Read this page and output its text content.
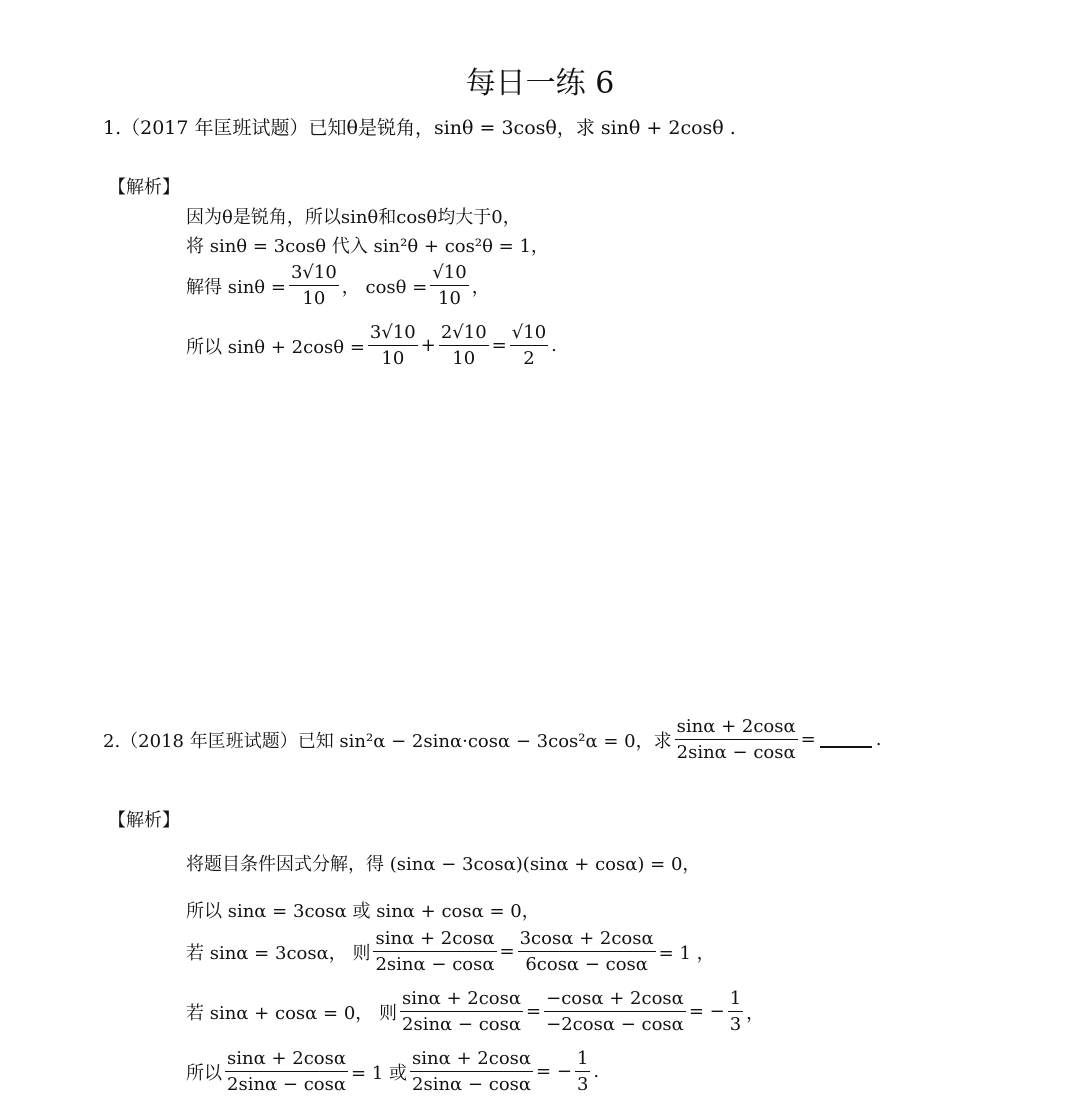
每日一练 6
1.（2017 年匡班试题）已知θ是锐角，sinθ = 3cosθ，求 sinθ + 2cosθ .
【解析】
因为θ是锐角，所以sinθ和cosθ均大于0，
将 sinθ = 3cosθ 代入 sin²θ + cos²θ = 1，
解得 $\sin\theta = \frac{3√10}{10}$ ， $\cos\theta = \frac{√10}{10}$ ，
所以 $\sin\theta + 2\cos\theta = \frac{3√10}{10} + \frac{2√10}{10} = \frac{√10}{2}$ .
2.（2018 年匡班试题）已知 sin²α − 2sinα·cosα − 3cos²α = 0，求 $\frac{\sin\alpha + 2\cos\alpha}{2\sin\alpha - \cos\alpha}$ =	.
【解析】
将题目条件因式分解，得 (sinα − 3cosα)(sinα + cosα) = 0，
所以 sinα = 3cosα 或 sinα + cosα = 0，
若 sinα = 3cosα， 则 $\frac{\sin\alpha + 2\cos\alpha}{2\sin\alpha - \cos\alpha} = \frac{3\cos\alpha + 2\cos\alpha}{6\cos\alpha - \cos\alpha} = 1$ ，
若 sinα + cosα = 0， 则 $\frac{\sin\alpha + 2\cos\alpha}{2\sin\alpha - \cos\alpha} = \frac{-\cos\alpha + 2\cos\alpha}{-2\cos\alpha - \cos\alpha}$ = − $\frac{1}{3}$ ，
所以 $\frac{\sin\alpha + 2\cos\alpha}{2\sin\alpha - \cos\alpha} = 1$ 或 $\frac{\sin\alpha + 2\cos\alpha}{2\sin\alpha - \cos\alpha}$ = − $\frac{1}{3}$ .
